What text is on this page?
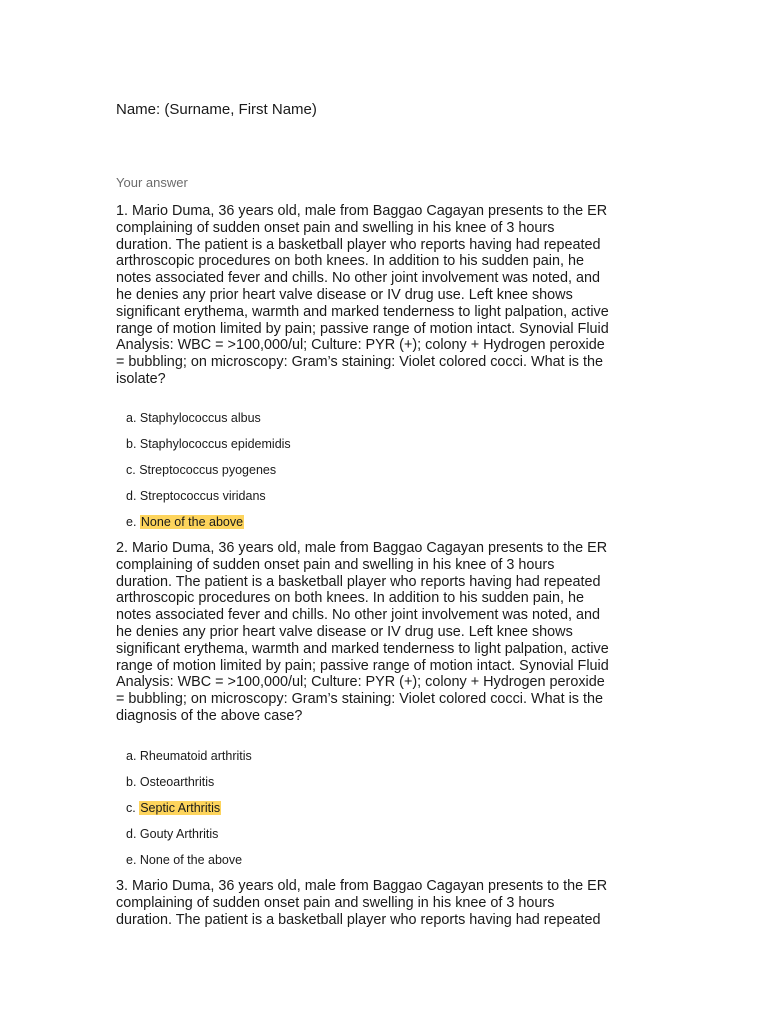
Name: (Surname, First Name)
Your answer

1. Mario Duma, 36 years old, male from Baggao Cagayan presents to the ER
complaining of sudden onset pain and swelling in his knee of 3 hours
duration. The patient is a basketball player who reports having had repeated
arthroscopic procedures on both knees. In addition to his sudden pain, he
notes associated fever and chills. No other joint involvement was noted, and
he denies any prior heart valve disease or IV drug use. Left knee shows
significant erythema, warmth and marked tenderness to light palpation, active
range of motion limited by pain; passive range of motion intact. Synovial Fluid
Analysis: WBC = >100,000/ul; Culture: PYR (+); colony + Hydrogen peroxide
= bubbling; on microscopy: Gram’s staining: Violet colored cocci. What is the
isolate?

a. Staphylococcus albus
b. Staphylococcus epidemidis
c. Streptococcus pyogenes
d. Streptococcus viridans
e. None of the above

2. Mario Duma, 36 years old, male from Baggao Cagayan presents to the ER
complaining of sudden onset pain and swelling in his knee of 3 hours
duration. The patient is a basketball player who reports having had repeated
arthroscopic procedures on both knees. In addition to his sudden pain, he
notes associated fever and chills. No other joint involvement was noted, and
he denies any prior heart valve disease or IV drug use. Left knee shows
significant erythema, warmth and marked tenderness to light palpation, active
range of motion limited by pain; passive range of motion intact. Synovial Fluid
Analysis: WBC = >100,000/ul; Culture: PYR (+); colony + Hydrogen peroxide
= bubbling; on microscopy: Gram’s staining: Violet colored cocci. What is the
diagnosis of the above case?

a. Rheumatoid arthritis
b. Osteoarthritis
c. Septic Arthritis
d. Gouty Arthritis
e. None of the above

3. Mario Duma, 36 years old, male from Baggao Cagayan presents to the ER
complaining of sudden onset pain and swelling in his knee of 3 hours
duration. The patient is a basketball player who reports having had repeated
